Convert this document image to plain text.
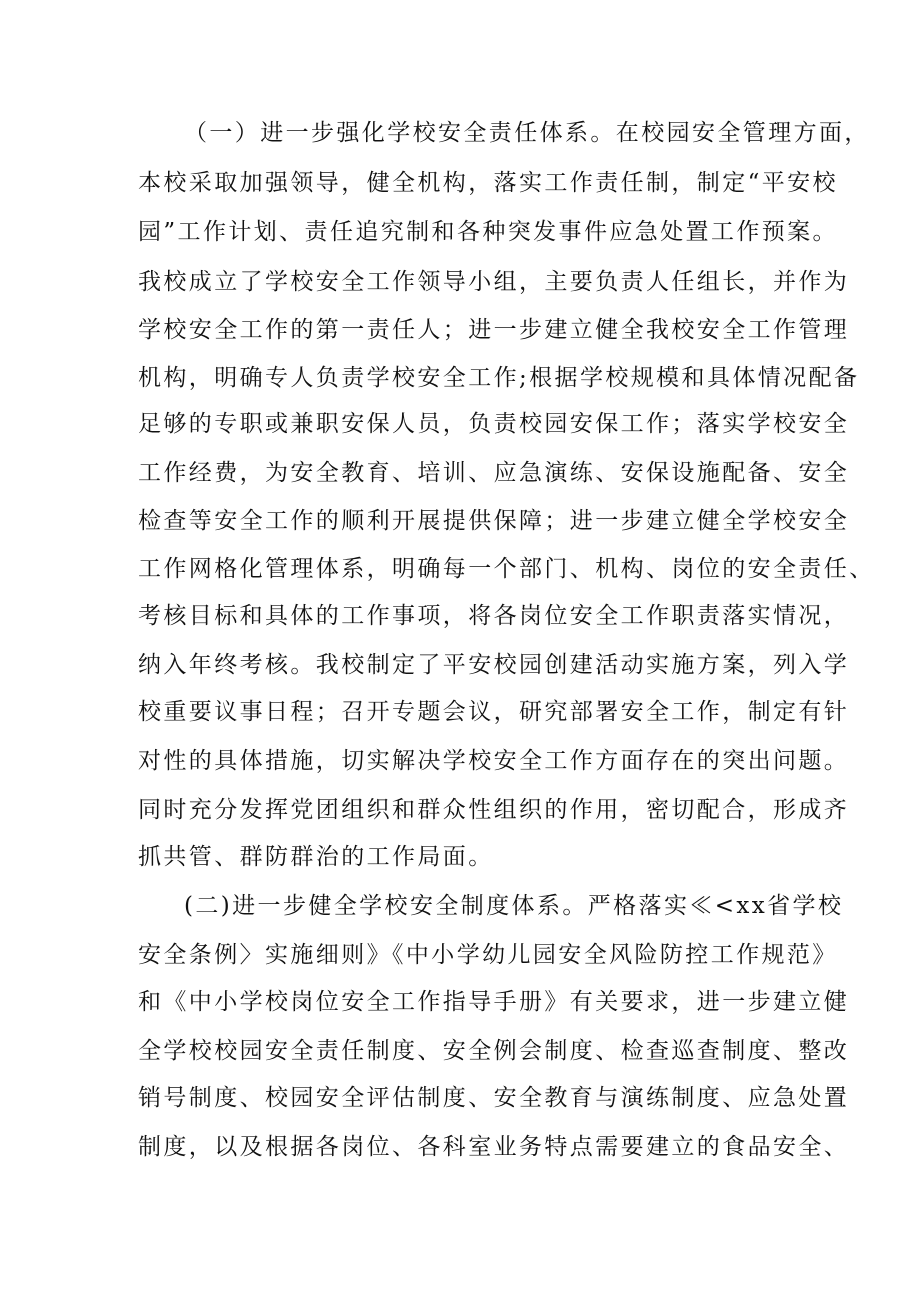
（一）进一步强化学校安全责任体系。在校园安全管理方面，

本校采取加强领导，健全机构，落实工作责任制，制定“平安校

园”工作计划、责任追究制和各种突发事件应急处置工作预案。

我校成立了学校安全工作领导小组，主要负责人任组长，并作为

学校安全工作的第一责任人；进一步建立健全我校安全工作管理

机构，明确专人负责学校安全工作;根据学校规模和具体情况配备

足够的专职或兼职安保人员，负责校园安保工作；落实学校安全

工作经费，为安全教育、培训、应急演练、安保设施配备、安全

检查等安全工作的顺利开展提供保障；进一步建立健全学校安全

工作网格化管理体系，明确每一个部门、机构、岗位的安全责任、

考核目标和具体的工作事项，将各岗位安全工作职责落实情况，

纳入年终考核。我校制定了平安校园创建活动实施方案，列入学

校重要议事日程；召开专题会议，研究部署安全工作，制定有针

对性的具体措施，切实解决学校安全工作方面存在的突出问题。

同时充分发挥党团组织和群众性组织的作用，密切配合，形成齐

抓共管、群防群治的工作局面。

(二)进一步健全学校安全制度体系。严格落实≪<xx省学校

安全条例〉实施细则》《中小学幼儿园安全风险防控工作规范》

和《中小学校岗位安全工作指导手册》有关要求，进一步建立健

全学校校园安全责任制度、安全例会制度、检查巡查制度、整改

销号制度、校园安全评估制度、安全教育与演练制度、应急处置

制度，以及根据各岗位、各科室业务特点需要建立的食品安全、
